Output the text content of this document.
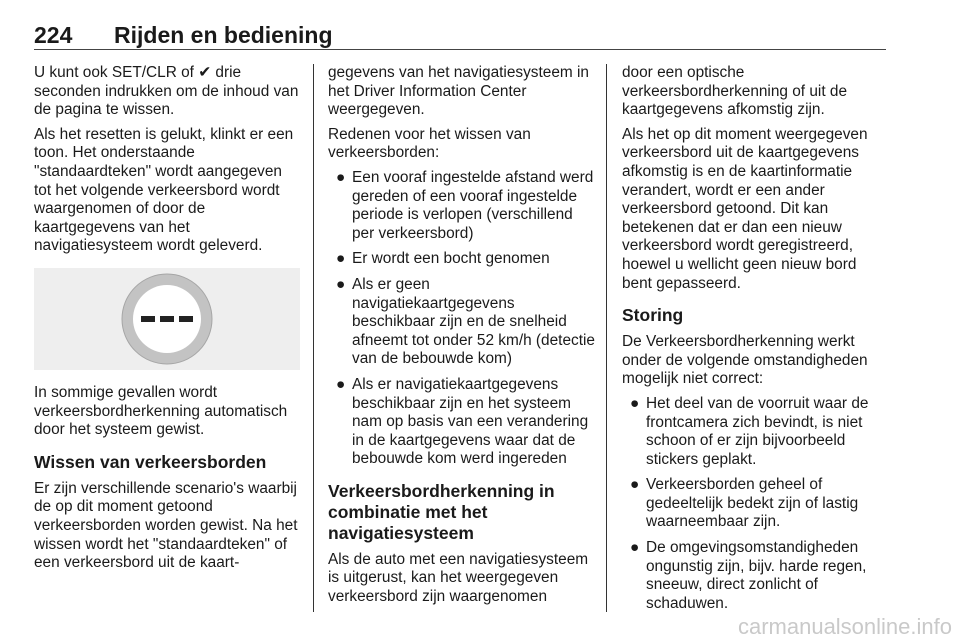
224 Rijden en bediening

U kunt ook SET/CLR of ✔ drie seconden indrukken om de inhoud van de pagina te wissen.

Als het resetten is gelukt, klinkt er een toon. Het onderstaande "standaardteken" wordt aangegeven tot het volgende verkeersbord wordt waargenomen of door de kaartgegevens van het navigatiesysteem wordt geleverd.

In sommige gevallen wordt verkeersbordherkenning automatisch door het systeem gewist.

Wissen van verkeersborden

Er zijn verschillende scenario's waarbij de op dit moment getoond verkeersborden worden gewist. Na het wissen wordt het "standaardteken" of een verkeersbord uit de kaart-

gegevens van het navigatiesysteem in het Driver Information Center weergegeven.

Redenen voor het wissen van verkeersborden:

● Een vooraf ingestelde afstand werd gereden of een vooraf ingestelde periode is verlopen (verschillend per verkeersbord)
● Er wordt een bocht genomen
● Als er geen navigatiekaartgegevens beschikbaar zijn en de snelheid afneemt tot onder 52 km/h (detectie van de bebouwde kom)
● Als er navigatiekaartgegevens beschikbaar zijn en het systeem nam op basis van een verandering in de kaartgegevens waar dat de bebouwde kom werd ingereden
Verkeersbordherkenning in combinatie met het navigatiesysteem

Als de auto met een navigatiesysteem is uitgerust, kan het weergegeven verkeersbord zijn waargenomen

door een optische verkeersbordherkenning of uit de kaartgegevens afkomstig zijn.

Als het op dit moment weergegeven verkeersbord uit de kaartgegevens afkomstig is en de kaartinformatie verandert, wordt er een ander verkeersbord getoond. Dit kan betekenen dat er dan een nieuw verkeersbord wordt geregistreerd, hoewel u wellicht geen nieuw bord bent gepasseerd.

Storing

De Verkeersbordherkenning werkt onder de volgende omstandigheden mogelijk niet correct:

● Het deel van de voorruit waar de frontcamera zich bevindt, is niet schoon of er zijn bijvoorbeeld stickers geplakt.
● Verkeersborden geheel of gedeeltelijk bedekt zijn of lastig waarneembaar zijn.
● De omgevingsomstandigheden ongunstig zijn, bijv. harde regen, sneeuw, direct zonlicht of schaduwen.
carmanualsonline.info
